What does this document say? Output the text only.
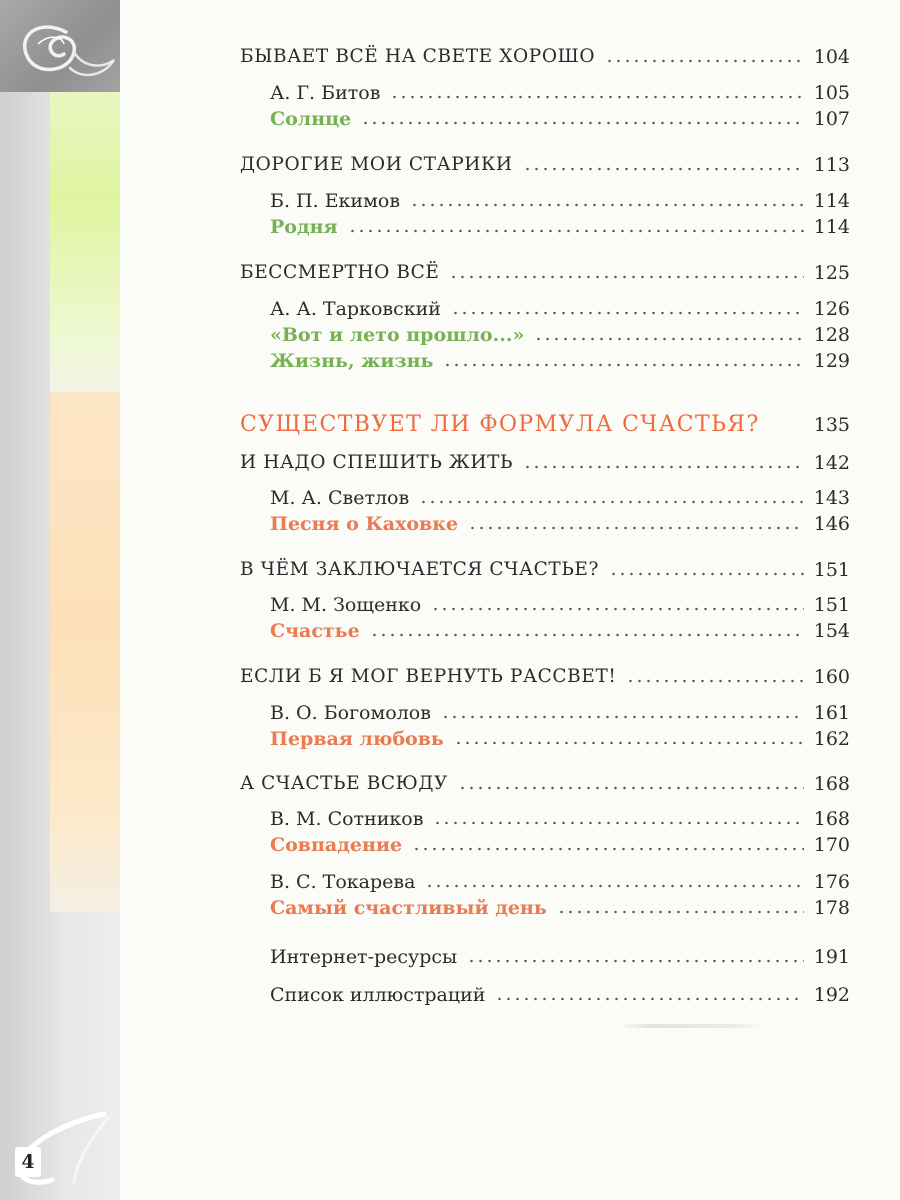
4
БЫВАЕТ ВСЁ НА СВЕТЕ ХОРОШО	104
А. Г. Битов	105
Солнце	107
ДОРОГИЕ МОИ СТАРИКИ	113
Б. П. Екимов	114
Родня	114
БЕССМЕРТНО ВСЁ	125
А. А. Тарковский	126
«Вот и лето прошло...»	128
Жизнь, жизнь	129
СУЩЕСТВУЕТ ЛИ ФОРМУЛА СЧАСТЬЯ?	135
И НАДО СПЕШИТЬ ЖИТЬ	142
М. А. Светлов	143
Песня о Каховке	146
В ЧЁМ ЗАКЛЮЧАЕТСЯ СЧАСТЬЕ?	151
М. М. Зощенко	151
Счастье	154
ЕСЛИ Б Я МОГ ВЕРНУТЬ РАССВЕТ!	160
В. О. Богомолов	161
Первая любовь	162
А СЧАСТЬЕ ВСЮДУ	168
В. М. Сотников	168
Совпадение	170
В. С. Токарева	176
Самый счастливый день	178
Интернет-ресурсы	191
Список иллюстраций	192
